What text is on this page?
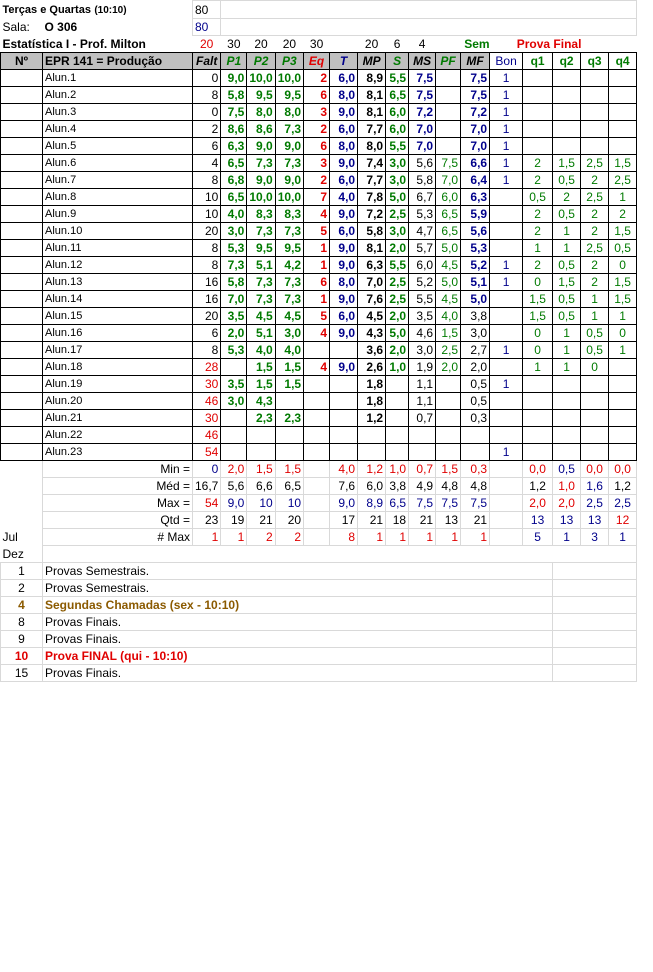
Terças e Quartas (10:10)		80															
Sala:	O 306	80															
Estatística I - Prof. Milton		20	30	20	20	30		20	6	4		Sem	Prova Final				
Nº	EPR 141 = Produção	Falt	P1	P2	P3	Eq	T	MP	S	MS	PF	MF	Bon	q1	q2	q3	q4
	Alun.1	0	9,0	10,0	10,0	2	6,0	8,9	5,5	7,5		7,5	1				
	Alun.2	8	5,8	9,5	9,5	6	8,0	8,1	6,5	7,5		7,5	1				
	Alun.3	0	7,5	8,0	8,0	3	9,0	8,1	6,0	7,2		7,2	1				
	Alun.4	2	8,6	8,6	7,3	2	6,0	7,7	6,0	7,0		7,0	1				
	Alun.5	6	6,3	9,0	9,0	6	8,0	8,0	5,5	7,0		7,0	1				
	Alun.6	4	6,5	7,3	7,3	3	9,0	7,4	3,0	5,6	7,5	6,6	1	2	1,5	2,5	1,5
	Alun.7	8	6,8	9,0	9,0	2	6,0	7,7	3,0	5,8	7,0	6,4	1	2	0,5	2	2,5
	Alun.8	10	6,5	10,0	10,0	7	4,0	7,8	5,0	6,7	6,0	6,3		0,5	2	2,5	1
	Alun.9	10	4,0	8,3	8,3	4	9,0	7,2	2,5	5,3	6,5	5,9		2	0,5	2	2
	Alun.10	20	3,0	7,3	7,3	5	6,0	5,8	3,0	4,7	6,5	5,6		2	1	2	1,5
	Alun.11	8	5,3	9,5	9,5	1	9,0	8,1	2,0	5,7	5,0	5,3		1	1	2,5	0,5
	Alun.12	8	7,3	5,1	4,2	1	9,0	6,3	5,5	6,0	4,5	5,2	1	2	0,5	2	0
	Alun.13	16	5,8	7,3	7,3	6	8,0	7,0	2,5	5,2	5,0	5,1	1	0	1,5	2	1,5
	Alun.14	16	7,0	7,3	7,3	1	9,0	7,6	2,5	5,5	4,5	5,0		1,5	0,5	1	1,5
	Alun.15	20	3,5	4,5	4,5	5	6,0	4,5	2,0	3,5	4,0	3,8		1,5	0,5	1	1
	Alun.16	6	2,0	5,1	3,0	4	9,0	4,3	5,0	4,6	1,5	3,0		0	1	0,5	0
	Alun.17	8	5,3	4,0	4,0			3,6	2,0	3,0	2,5	2,7	1	0	1	0,5	1
	Alun.18	28		1,5	1,5	4	9,0	2,6	1,0	1,9	2,0	2,0		1	1	0	
	Alun.19	30	3,5	1,5	1,5			1,8		1,1		0,5	1				
	Alun.20	46	3,0	4,3				1,8		1,1		0,5					
	Alun.21	30		2,3	2,3			1,2		0,7		0,3					
	Alun.22	46															
	Alun.23	54											1				
	Min =	0	2,0	1,5	1,5		4,0	1,2	1,0	0,7	1,5	0,3		0,0	0,5	0,0	0,0
	Méd =	16,7	5,6	6,6	6,5		7,6	6,0	3,8	4,9	4,8	4,8		1,2	1,0	1,6	1,2
	Max =	54	9,0	10	10		9,0	8,9	6,5	7,5	7,5	7,5		2,0	2,0	2,5	2,5
	Qtd =	23	19	21	20		17	21	18	21	13	21		13	13	13	12
Jul	# Max	1	1	2	2		8	1	1	1	1	1		5	1	3	1
Dez																	
1	Provas Semestrais.																
2	Provas Semestrais.																
4	Segundas Chamadas (sex - 10:10)																
8	Provas Finais.																
9	Provas Finais.																
10	Prova FINAL (qui - 10:10)																
15	Provas Finais.																
